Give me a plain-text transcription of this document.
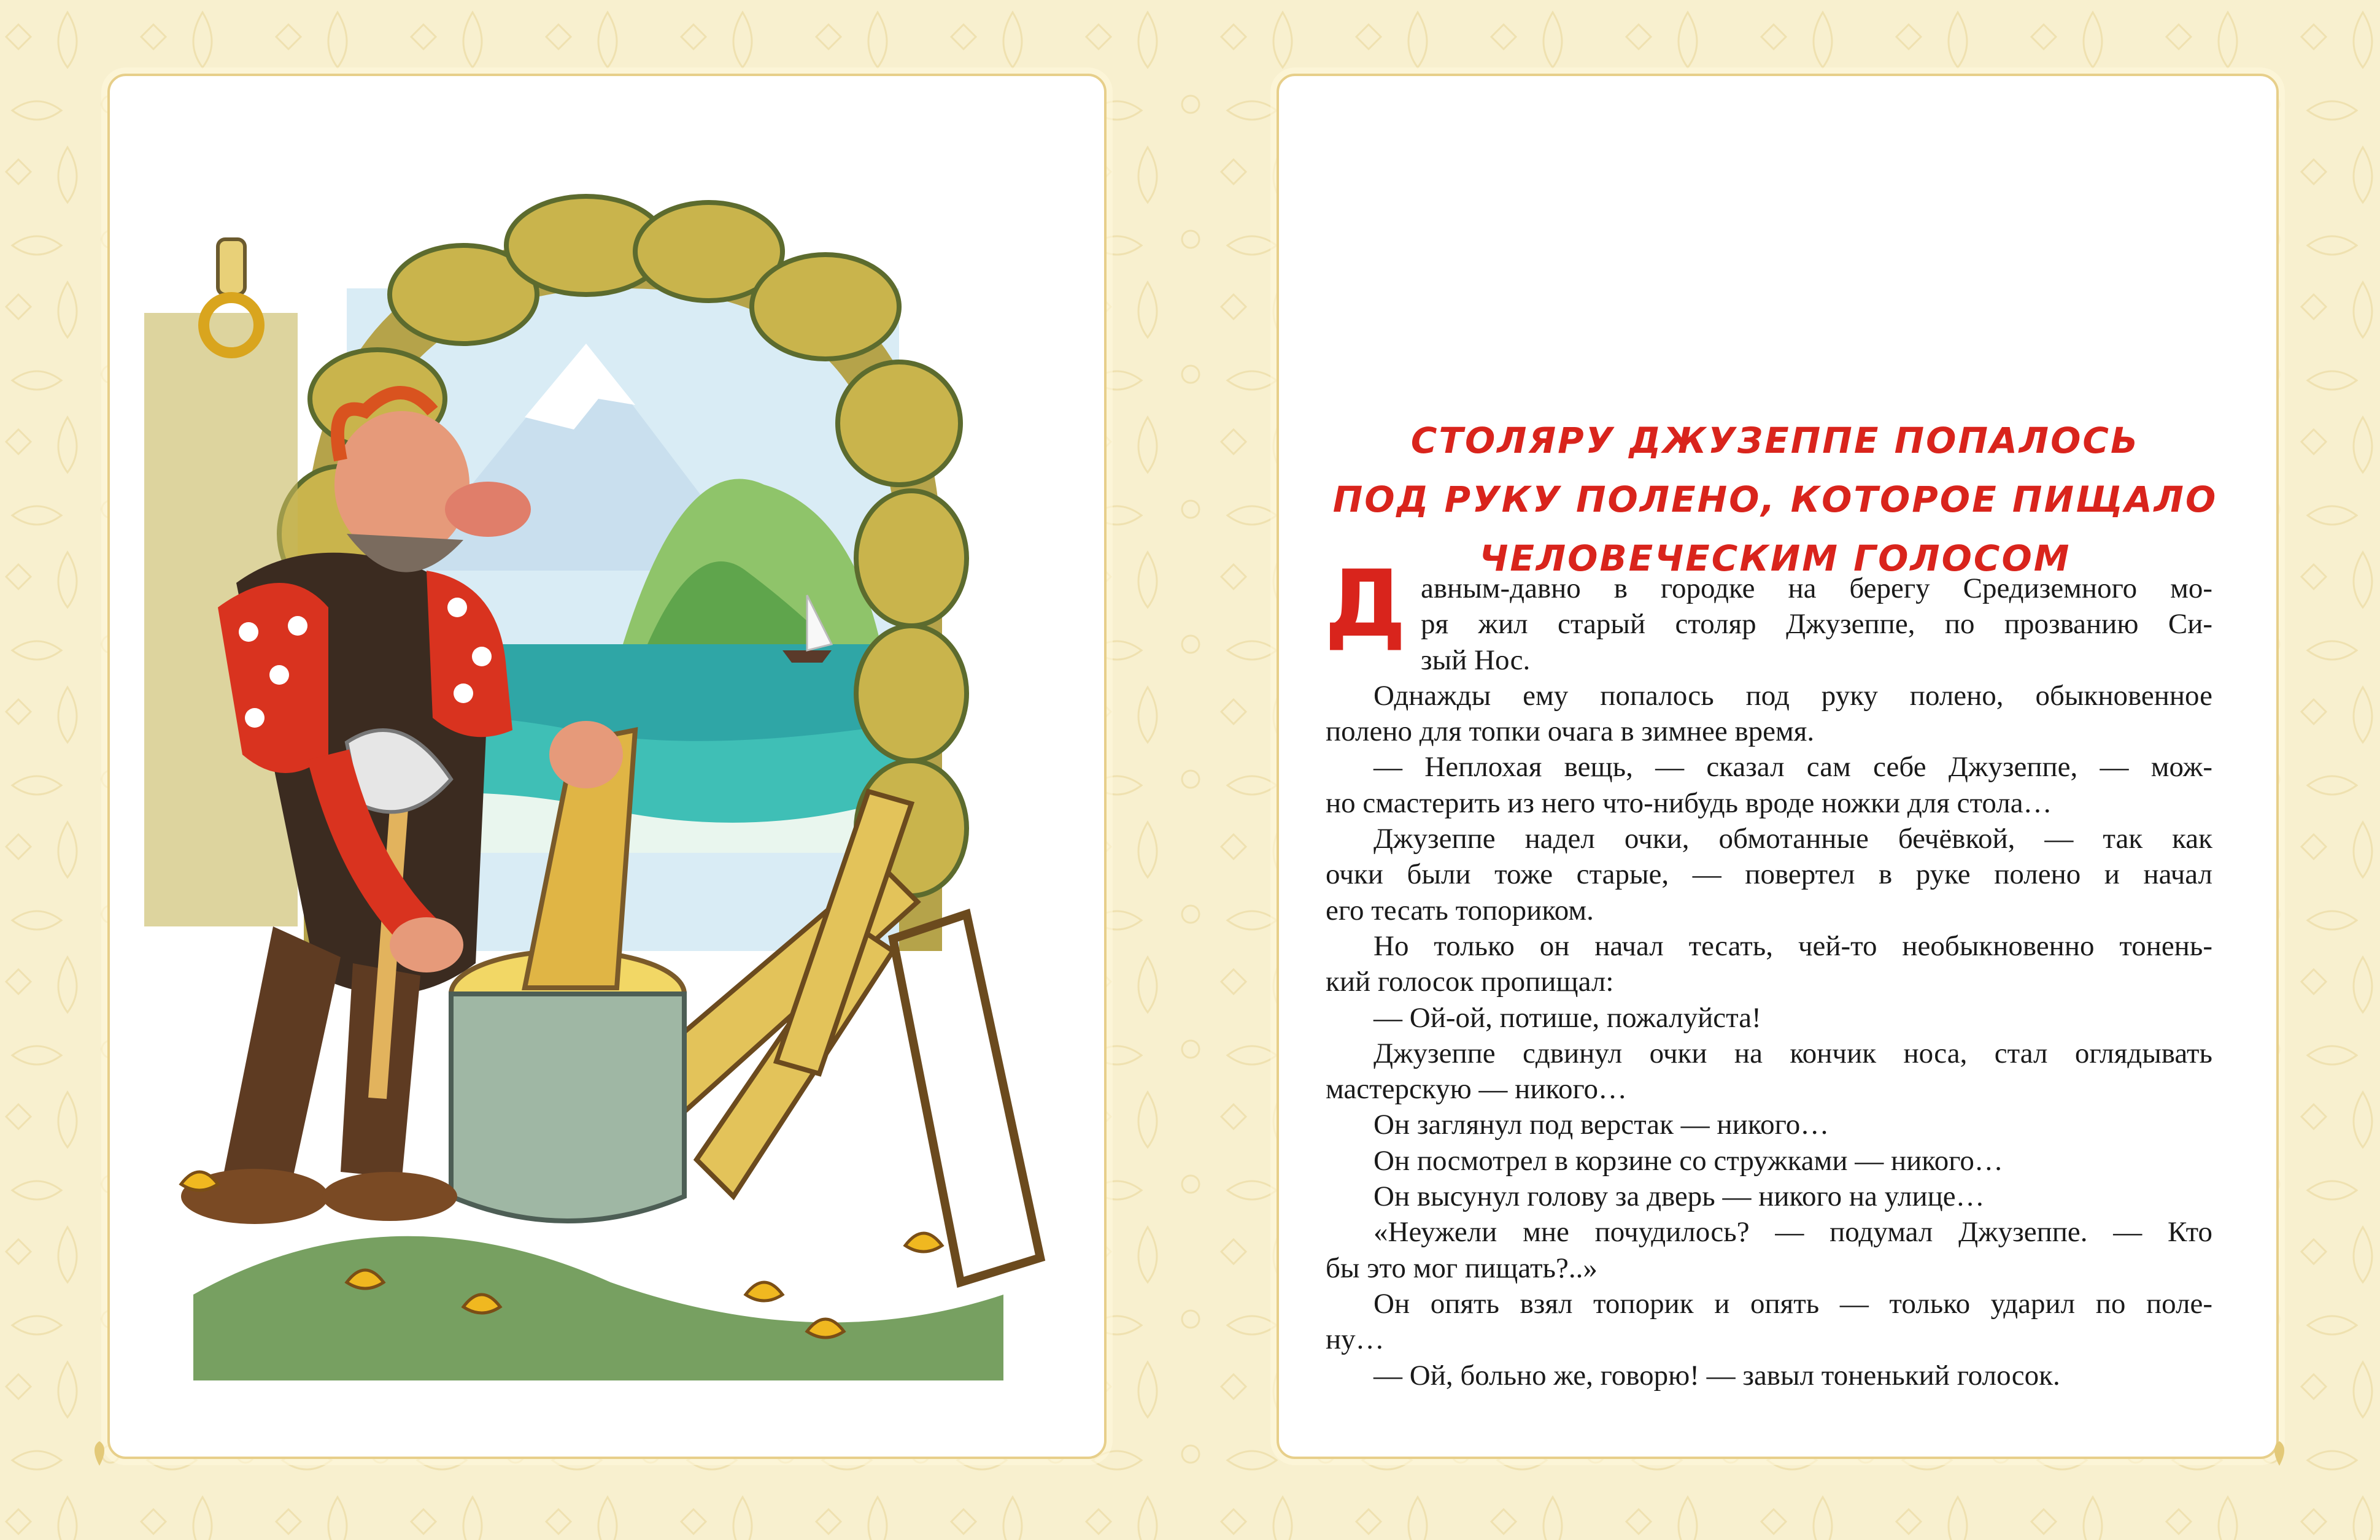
СТОЛЯРУ ДЖУЗЕППЕ ПОПАЛОСЬ
ПОД РУКУ ПОЛЕНО, КОТОРОЕ ПИЩАЛО
ЧЕЛОВЕЧЕСКИМ ГОЛОСОМ
Д авным-давно в городке на берегу Средиземного мо-
ря жил старый столяр Джузеппе, по прозванию Си-
зый Нос.
Однажды ему попалось под руку полено, обыкновенное
полено для топки очага в зимнее время.
— Неплохая вещь, — сказал сам себе Джузеппе, — мож-
но смастерить из него что-нибудь вроде ножки для стола…
Джузеппе надел очки, обмотанные бечёвкой, — так как
очки были тоже старые, — повертел в руке полено и начал
его тесать топориком.
Но только он начал тесать, чей-то необыкновенно тонень-
кий голосок пропищал:
— Ой-ой, потише, пожалуйста!
Джузеппе сдвинул очки на кончик носа, стал оглядывать
мастерскую — никого…
Он заглянул под верстак — никого…
Он посмотрел в корзине со стружками — никого…
Он высунул голову за дверь — никого на улице…
«Неужели мне почудилось? — подумал Джузеппе. — Кто
бы это мог пищать?..»
Он опять взял топорик и опять — только ударил по поле-
ну…
— Ой, больно же, говорю! — завыл тоненький голосок.
